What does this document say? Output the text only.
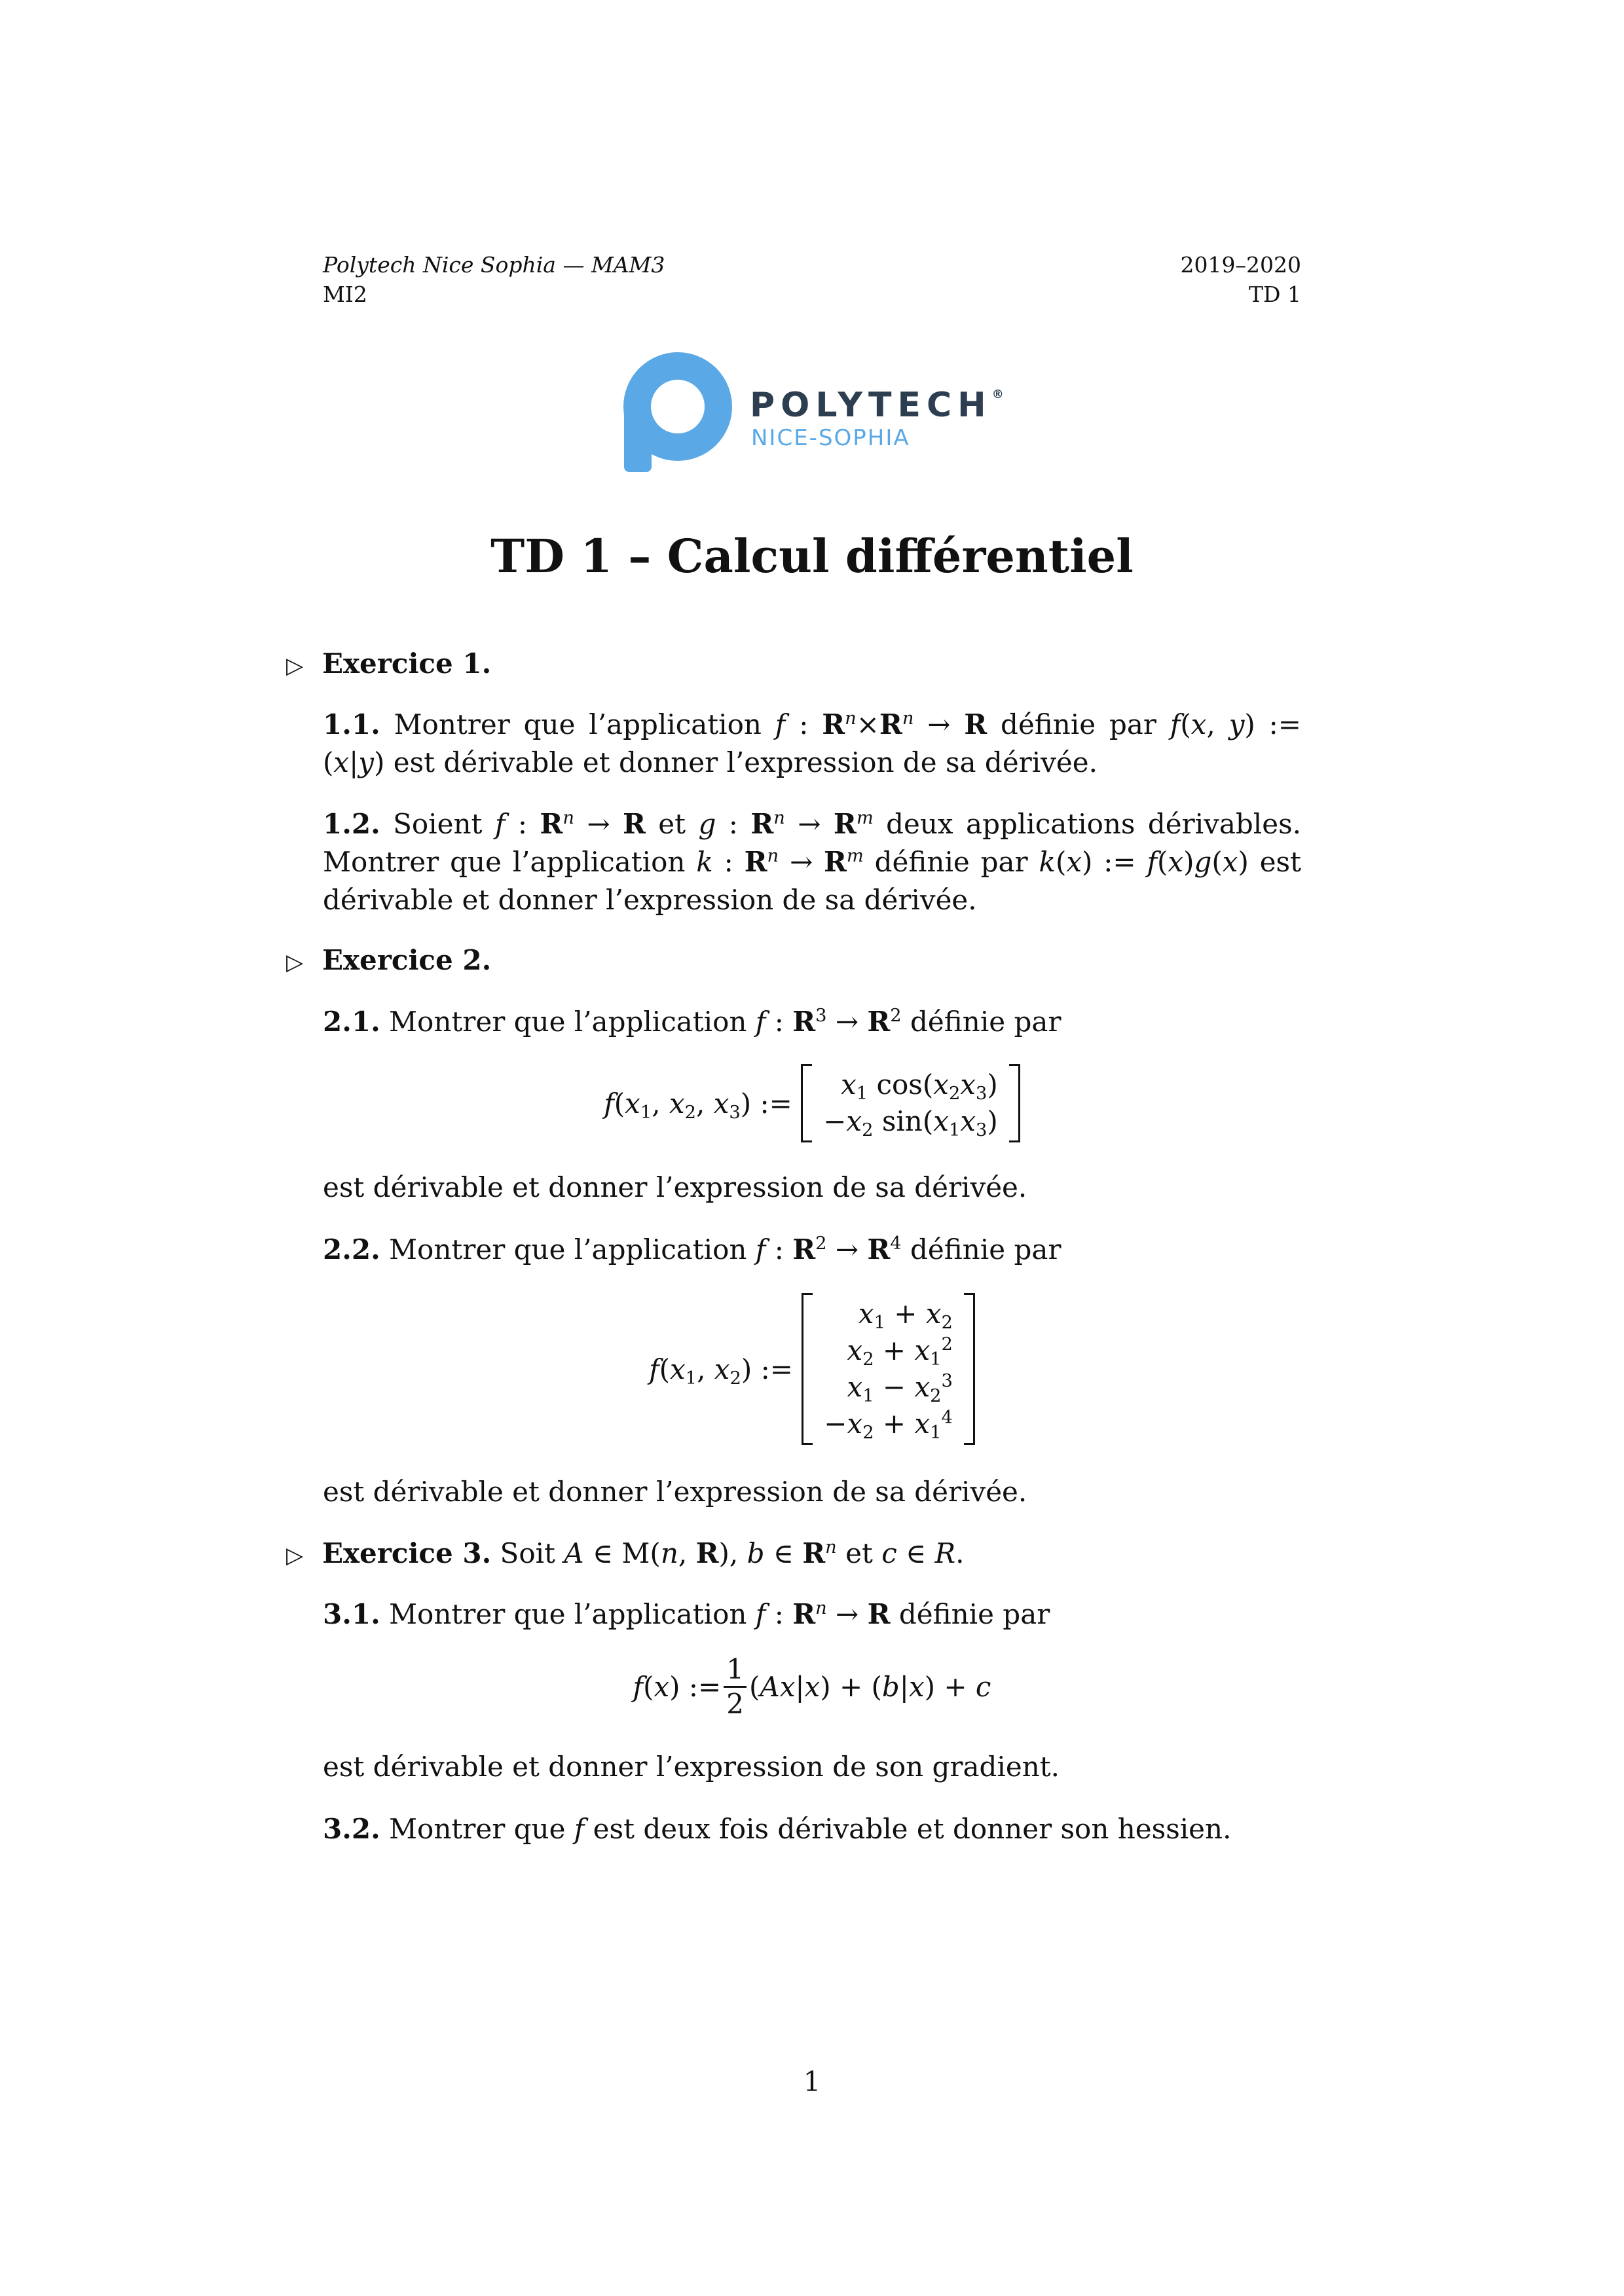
Polytech Nice Sophia — MAM3
MI2
2019–2020
TD 1
POLYTECH®
NICE-SOPHIA
TD 1 – Calcul différentiel
▷ Exercice 1.
1.1. Montrer que l’application f : $R^n\times R^n \to R$ définie par f(x, y) := (x|y) est dérivable et donner l’expression de sa dérivée.
1.2. Soient f : $R^n \to R$ et g : $R^n \to R^m$ deux applications dérivables. Montrer que l’application k : $R^n \to R^m$ définie par k(x) := f(x)g(x) est dérivable et donner l’expression de sa dérivée.
▷ Exercice 2.
2.1. Montrer que l’application f : $R^3 \to R^2$ définie par
$f(x_1$, $x_2$, $x_3$) :=
$x_1$ $\cos(x_2x_3)$
$-x_2$ $\sin(x_1x_3)$
est dérivable et donner l’expression de sa dérivée.
2.2. Montrer que l’application f : $R^2 \to R^4$ définie par
$f(x_1$, $x_2$) :=
$x_1 + x_2$
$x_2 + x_1^2$
$x_1 - x_2^3$
$-x_2 + x_1^4$
est dérivable et donner l’expression de sa dérivée.
▷ Exercice 3. Soit A ∈ M(n, R), b ∈ $R^n$ et c ∈ R.
3.1. Montrer que l’application f : $R^n \to R$ définie par
f(x) := $\frac{1}{2} (Ax|x) + (b|x) + c$
est dérivable et donner l’expression de son gradient.
3.2. Montrer que f est deux fois dérivable et donner son hessien.
1
